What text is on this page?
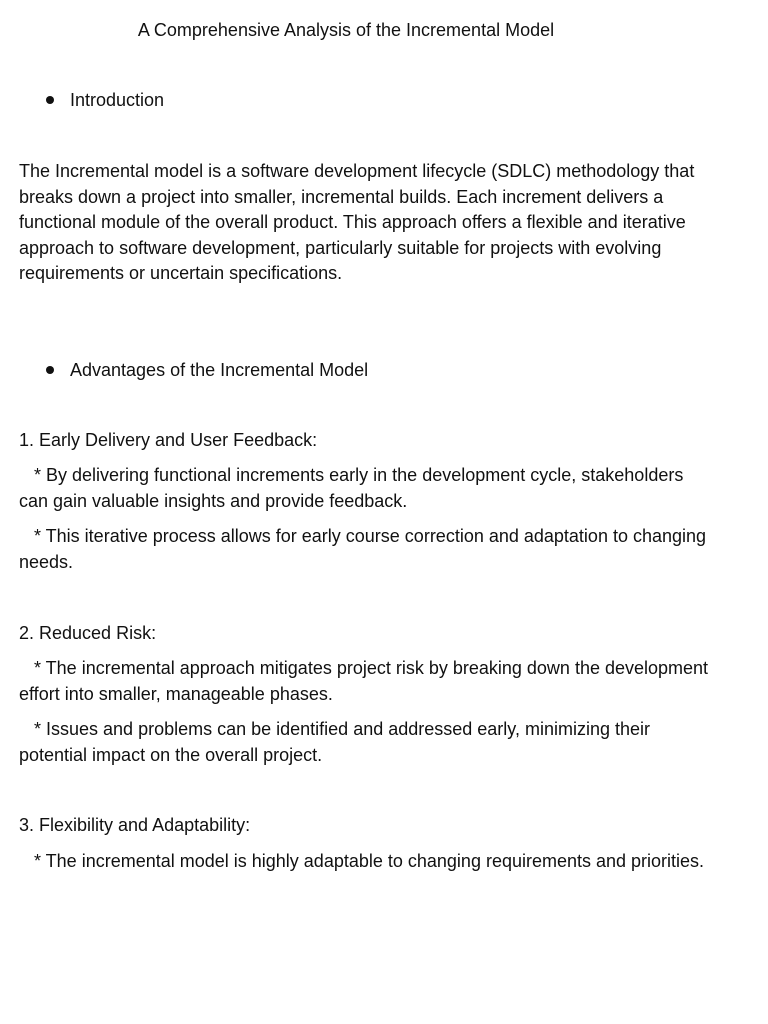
A Comprehensive Analysis of the Incremental Model
Introduction

The Incremental model is a software development lifecycle (SDLC) methodology that breaks down a project into smaller, incremental builds. Each increment delivers a functional module of the overall product. This approach offers a flexible and iterative approach to software development, particularly suitable for projects with evolving requirements or uncertain specifications.

Advantages of the Incremental Model
1. Early Delivery and User Feedback:

* By delivering functional increments early in the development cycle, stakeholders can gain valuable insights and provide feedback.

* This iterative process allows for early course correction and adaptation to changing needs.

2. Reduced Risk:

* The incremental approach mitigates project risk by breaking down the development effort into smaller, manageable phases.

* Issues and problems can be identified and addressed early, minimizing their potential impact on the overall project.

3. Flexibility and Adaptability:

* The incremental model is highly adaptable to changing requirements and priorities.
